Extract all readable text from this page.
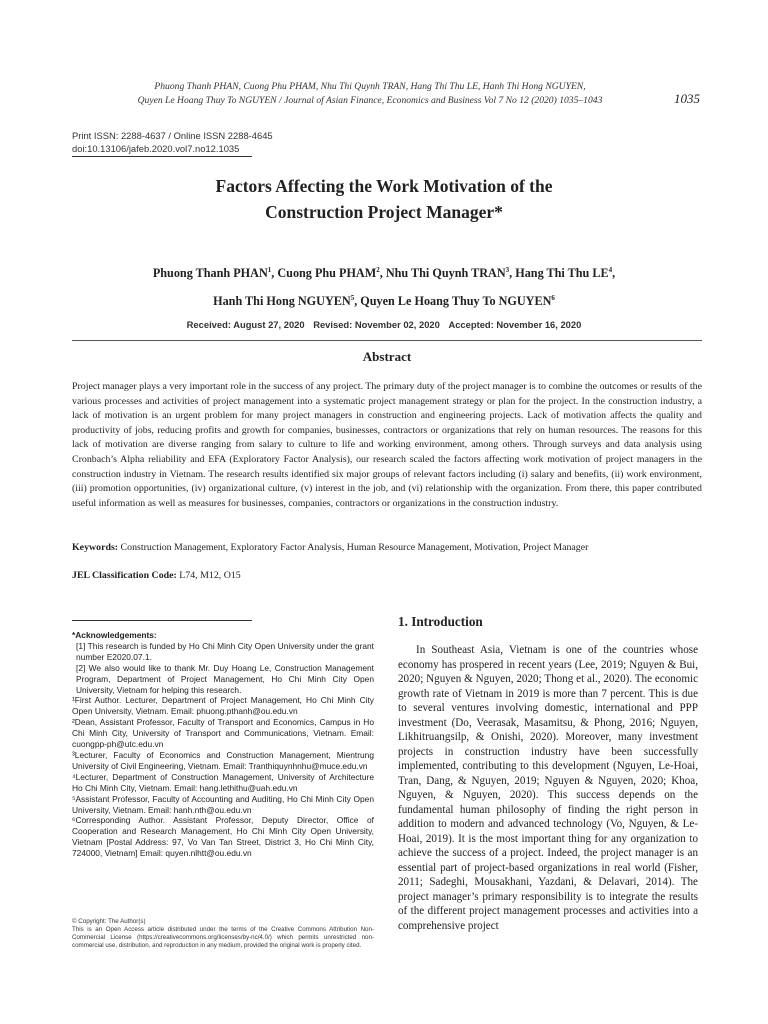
Phuong Thanh PHAN, Cuong Phu PHAM, Nhu Thi Quynh TRAN, Hang Thi Thu LE, Hanh Thi Hong NGUYEN,
Quyen Le Hoang Thuy To NGUYEN / Journal of Asian Finance, Economics and Business Vol 7 No 12 (2020) 1035–1043	1035
Print ISSN: 2288-4637 / Online ISSN 2288-4645
doi:10.13106/jafeb.2020.vol7.no12.1035
Factors Affecting the Work Motivation of the
Construction Project Manager*
Phuong Thanh PHAN$^1$, Cuong Phu PHAM$^2$, Nhu Thi Quynh TRAN$^3$, Hang Thi Thu $LE^4$,
Hanh Thi Hong NGUYEN$^5$, Quyen Le Hoang Thuy To NGUYEN$^6$
Received: August 27, 2020 Revised: November 02, 2020 Accepted: November 16, 2020
Abstract
Project manager plays a very important role in the success of any project. The primary duty of the project manager is to combine the outcomes or results of the various processes and activities of project management into a systematic project management strategy or plan for the project. In the construction industry, a lack of motivation is an urgent problem for many project managers in construction and engineering projects. Lack of motivation affects the quality and productivity of jobs, reducing profits and growth for companies, businesses, contractors or organizations that rely on human resources. The reasons for this lack of motivation are diverse ranging from salary to culture to life and working environment, among others. Through surveys and data analysis using Cronbach’s Alpha reliability and EFA (Exploratory Factor Analysis), our research scaled the factors affecting work motivation of project managers in the construction industry in Vietnam. The research results identified six major groups of relevant factors including (i) salary and benefits, (ii) work environment, (iii) promotion opportunities, (iv) organizational culture, (v) interest in the job, and (vi) relationship with the organization. From there, this paper contributed useful information as well as measures for businesses, companies, contractors or organizations in the construction industry.
Keywords: Construction Management, Exploratory Factor Analysis, Human Resource Management, Motivation, Project Manager
JEL Classification Code: L74, M12, O15

*Acknowledgements:

[1] This research is funded by Ho Chi Minh City Open University under the grant number E2020.07.1.

[2] We also would like to thank Mr. Duy Hoang Le, Construction Management Program, Department of Project Management, Ho Chi Minh City Open University, Vietnam for helping this research.

¹First Author. Lecturer, Department of Project Management, Ho Chi Minh City Open University, Vietnam. Email: phuong.pthanh@ou.edu.vn

²Dean, Assistant Professor, Faculty of Transport and Economics, Campus in Ho Chi Minh City, University of Transport and Communications, Vietnam. Email: cuongpp-ph@utc.edu.vn

³Lecturer, Faculty of Economics and Construction Management, Mientrung University of Civil Engineering, Vietnam. Email: Tranthiquynhnhu@muce.edu.vn

⁴Lecturer, Department of Construction Management, University of Architecture Ho Chi Minh City, Vietnam. Email: hang.lethithu@uah.edu.vn

⁵Assistant Professor, Faculty of Accounting and Auditing, Ho Chi Minh City Open University, Vietnam. Email: hanh.nth@ou.edu.vn

⁶Corresponding Author. Assistant Professor, Deputy Director, Office of Cooperation and Research Management, Ho Chi Minh City Open University, Vietnam [Postal Address: 97, Vo Van Tan Street, District 3, Ho Chi Minh City, 724000, Vietnam] Email: quyen.nlhtt@ou.edu.vn

© Copyright: The Author(s)

This is an Open Access article distributed under the terms of the Creative Commons Attribution Non-Commercial License (https://creativecommons.org/licenses/by-nc/4.0/) which permits unrestricted non-commercial use, distribution, and reproduction in any medium, provided the original work is properly cited.

1. Introduction
In Southeast Asia, Vietnam is one of the countries whose economy has prospered in recent years (Lee, 2019; Nguyen & Bui, 2020; Nguyen & Nguyen, 2020; Thong et al., 2020). The economic growth rate of Vietnam in 2019 is more than 7 percent. This is due to several ventures involving domestic, international and PPP investment (Do, Veerasak, Masamitsu, & Phong, 2016; Nguyen, Likhitruangsilp, & Onishi, 2020). Moreover, many investment projects in construction industry have been successfully implemented, contributing to this development (Nguyen, Le-Hoai, Tran, Dang, & Nguyen, 2019; Nguyen & Nguyen, 2020; Khoa, Nguyen, & Nguyen, 2020). This success depends on the fundamental human philosophy of finding the right person in addition to modern and advanced technology (Vo, Nguyen, & Le-Hoai, 2019). It is the most important thing for any organization to achieve the success of a project. Indeed, the project manager is an essential part of project-based organizations in real world (Fisher, 2011; Sadeghi, Mousakhani, Yazdani, & Delavari, 2014). The project manager’s primary responsibility is to integrate the results of the different project management processes and activities into a comprehensive project
